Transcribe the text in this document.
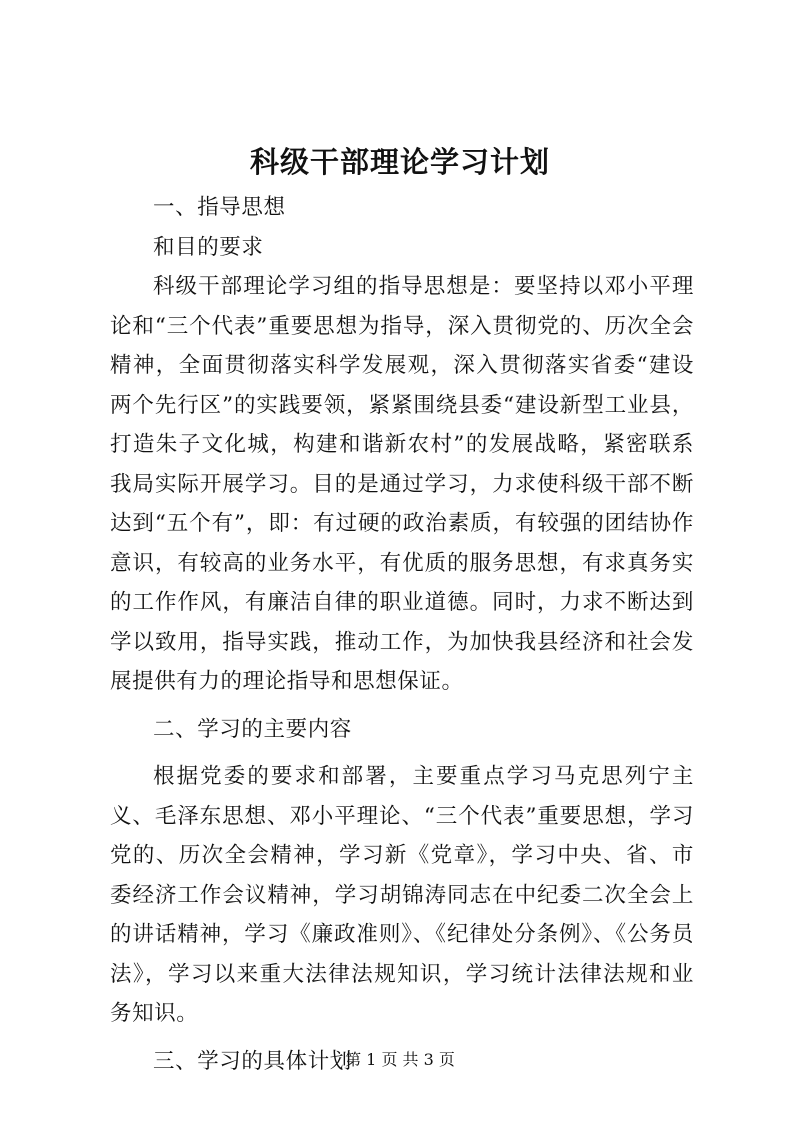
科级干部理论学习计划

一、指导思想

和目的要求

科级干部理论学习组的指导思想是：要坚持以邓小平理论和“三个代表”重要思想为指导，深入贯彻党的、历次全会精神，全面贯彻落实科学发展观，深入贯彻落实省委“建设两个先行区”的实践要领，紧紧围绕县委“建设新型工业县，打造朱子文化城，构建和谐新农村”的发展战略，紧密联系我局实际开展学习。目的是通过学习，力求使科级干部不断达到“五个有”，即：有过硬的政治素质，有较强的团结协作意识，有较高的业务水平，有优质的服务思想，有求真务实的工作作风，有廉洁自律的职业道德。同时，力求不断达到学以致用，指导实践，推动工作，为加快我县经济和社会发展提供有力的理论指导和思想保证。

二、学习的主要内容

根据党委的要求和部署，主要重点学习马克思列宁主义、毛泽东思想、邓小平理论、“三个代表”重要思想，学习党的、历次全会精神，学习新《党章》，学习中央、省、市委经济工作会议精神，学习胡锦涛同志在中纪委二次全会上的讲话精神，学习《廉政准则》、《纪律处分条例》、《公务员法》，学习以来重大法律法规知识，学习统计法律法规和业务知识。

三、学习的具体计划

第 1 页 共 3 页
